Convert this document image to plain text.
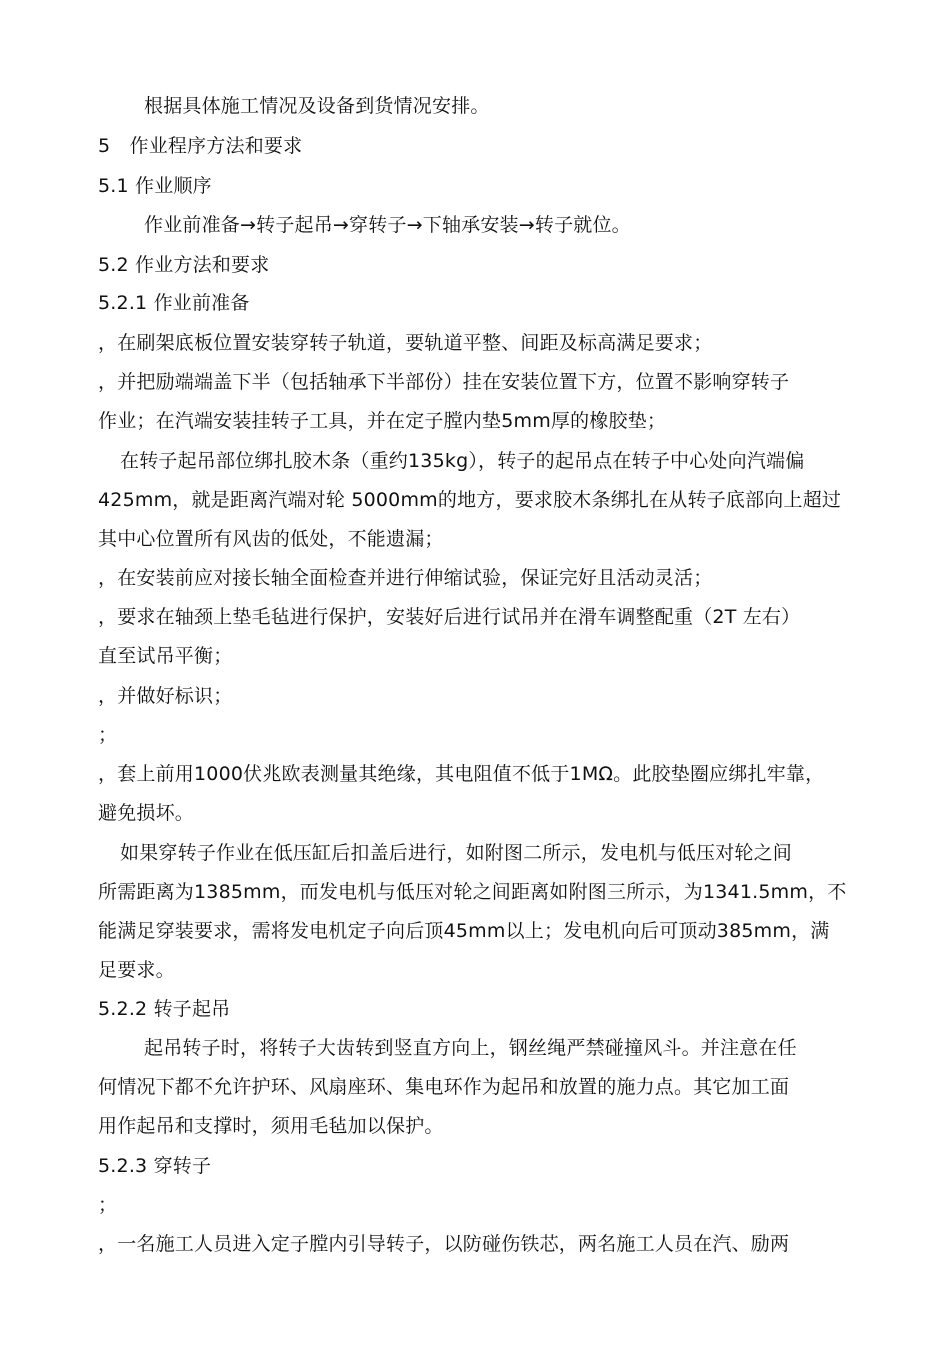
根据具体施工情况及设备到货情况安排。
5　作业程序方法和要求
5.1 作业顺序
作业前准备→转子起吊→穿转子→下轴承安装→转子就位。
5.2 作业方法和要求
5.2.1 作业前准备
，在刷架底板位置安装穿转子轨道，要轨道平整、间距及标高满足要求；
，并把励端端盖下半（包括轴承下半部份）挂在安装位置下方，位置不影响穿转子
作业；在汽端安装挂转子工具，并在定子膛内垫5mm厚的橡胶垫；
在转子起吊部位绑扎胶木条（重约135kg），转子的起吊点在转子中心处向汽端偏
425mm，就是距离汽端对轮 5000mm的地方，要求胶木条绑扎在从转子底部向上超过
其中心位置所有风齿的低处，不能遗漏；
，在安装前应对接长轴全面检查并进行伸缩试验，保证完好且活动灵活；
，要求在轴颈上垫毛毡进行保护，安装好后进行试吊并在滑车调整配重（2T 左右）
直至试吊平衡；
，并做好标识；
；
，套上前用1000伏兆欧表测量其绝缘，其电阻值不低于1MΩ。此胶垫圈应绑扎牢靠，
避免损坏。
如果穿转子作业在低压缸后扣盖后进行，如附图二所示，发电机与低压对轮之间
所需距离为1385mm，而发电机与低压对轮之间距离如附图三所示，为1341.5mm，不
能满足穿装要求，需将发电机定子向后顶45mm以上；发电机向后可顶动385mm，满
足要求。
5.2.2 转子起吊
起吊转子时，将转子大齿转到竖直方向上，钢丝绳严禁碰撞风斗。并注意在任
何情况下都不允许护环、风扇座环、集电环作为起吊和放置的施力点。其它加工面
用作起吊和支撑时，须用毛毡加以保护。
5.2.3 穿转子
；
，一名施工人员进入定子膛内引导转子，以防碰伤铁芯，两名施工人员在汽、励两
